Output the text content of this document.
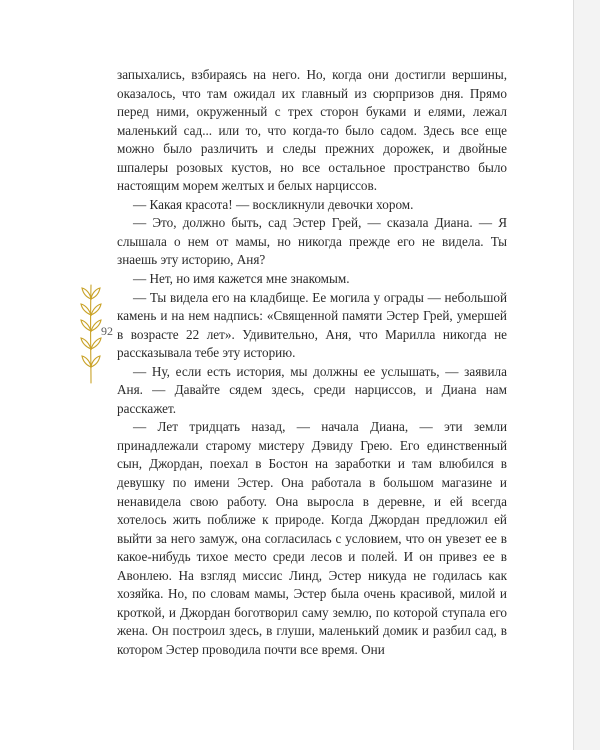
92

запыхались, взбираясь на него. Но, когда они достигли вершины, оказалось, что там ожидал их главный из сюрпризов дня. Прямо перед ними, окруженный с трех сторон буками и елями, лежал маленький сад... или то, что когда-то было садом. Здесь все еще можно было различить и следы прежних дорожек, и двойные шпалеры розовых кустов, но все остальное пространство было настоящим морем желтых и белых нарциссов.

— Какая красота! — воскликнули девочки хором.

— Это, должно быть, сад Эстер Грей, — сказала Диана. — Я слышала о нем от мамы, но никогда прежде его не видела. Ты знаешь эту историю, Аня?

— Нет, но имя кажется мне знакомым.

— Ты видела его на кладбище. Ее могила у ограды — небольшой камень и на нем надпись: «Священной памяти Эстер Грей, умершей в возрасте 22 лет». Удивительно, Аня, что Марилла никогда не рассказывала тебе эту историю.

— Ну, если есть история, мы должны ее услышать, — заявила Аня. — Давайте сядем здесь, среди нарциссов, и Диана нам расскажет.

— Лет тридцать назад, — начала Диана, — эти земли принадлежали старому мистеру Дэвиду Грею. Его единственный сын, Джордан, поехал в Бостон на заработки и там влюбился в девушку по имени Эстер. Она работала в большом магазине и ненавидела свою работу. Она выросла в деревне, и ей всегда хотелось жить поближе к природе. Когда Джордан предложил ей выйти за него замуж, она согласилась с условием, что он увезет ее в какое-нибудь тихое место среди лесов и полей. И он привез ее в Авонлею. На взгляд миссис Линд, Эстер никуда не годилась как хозяйка. Но, по словам мамы, Эстер была очень красивой, милой и кроткой, и Джордан боготворил саму землю, по которой ступала его жена. Он построил здесь, в глуши, маленький домик и разбил сад, в котором Эстер проводила почти все время. Они
